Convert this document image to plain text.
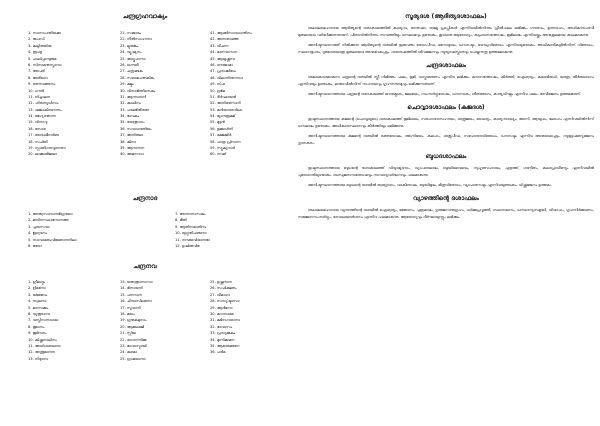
ചന്ദ്രഗ്രഹവാക്യം
1. സാനാപന്തിയക്കു
2. രുപസി
3. കല്പിതയിന്മ
4. രൂപഴൂ
5. ചാലിപ്പാമ്പുരുമ
6. സിനാമന്തസ്താനാ
7. ത്തപരി
8. അരിഗോ
9. രതസഞ്ഞനം
10. ഗൗരി
11. നിച്ചാലന
12. ഹിരണ്യധിസം
13. ഷങ്കാകിരണന്നം
14. ഭേഗ്യാന്താനഃ
15. വിനാവു
16. സോഭ
17. രോടാമീനരിബ
18. സചിതി
19. സ്ലാതിഗനവ്വാനതാ
20. ലാമ്മാഭിജയാ
21. സക്കശം
22. നീതിസാഹന്നാ
23. ല്പുതങ്കം
24. വ്യൂഷ്യനം
25. അഗ്ഗൂഹന്നാ
26. ഗൌരീ
27. ചന്ദ്രങ്ങക
28. സമൈപത്നകിഭം
29. ക്ഷ്മം
30. വിനാഭിന്തിസെമം
31. ആന്നാനനി
32. കാലിനം
33. പരമഭിതിരത്ന
34. ഭാവകം
35. ദയന്ത്രാഗം
36. സവാഗരതിയം
37. അനിയോ
38. കിനാ
39. ആനാനന
40. അമനസാ
41. ആങ്ങിസാവാഗതിനം
42. അനന്താഞ്ഞ
43. വീചന്ന
44. മാനവാസന
45. ആയൂഷ്ണനാ
46. നെമോമാ
47. പ്രസക്കിഭാം
48. വിലാനിന്ദനസാ
49. ന്പാ
50. ദ്രഭിമ
51. ദീർഘായൻ
52. അനിബന്നാനി
53. മനിയാദരനിലാ
54. ഭ്യാനരൂക്ഷ്
55. മുട്ടൻ
56. ഉമ്മാൾനി
57. ക്ഷേമ്മിർ
58. പാത്ര പ്രിസന്ന
59. സ്യൂക്യനാർ
60. നവഭ്
ചന്ദ്രനാദ
1. അന്ത്വസാനാനഭിഗ്രദയാ
2. മമ്പിനസ്ഥാഭനാനത്ത
3. പുമ്പസവാ
4. ഋഗ്വദനം
5. സാവാമതംവിജ്ഞാനനിലാ
6. ഭവോ
7. അന്നാനാസകം
8. ഭീതി
9. ആതിനാഥതിനം
10. യുഗ്ഗതിപഞ്ചനാ
11. നമ്പയവിയാനഭാ
12. ഉഷ്ഞവിഭ
ചന്ദ്രനവ
1. ഗ്രീമാദ്മം
2. ദ്രിമനോ
3. യജ്ഞാം
4. സ്വലനാ
5. മനസമ്മം
6. വ്യരൂടാനാ
7. വസ്തിസനാഗമാ
8. ഭൂമാനം
9. ഭൂമിനനം
10. കിഷ്ണനാലിനം
11. അധ്ധാഭാലനാ
12. അന്തൂമാനന
13. നിദ്ദാനാ
13. യതന്ത്രാനാസാ
14. ഭിനായനി
15. പനനാന
16. ചിന്ദാസിലഭനാ
17. സൂവാനി
18. മമാം
19. ഗ്രതകമുനാം
20. ആമ്മാമജി
21. സ്റ്റിയ
22. ഗോനന്നിമ്മ
23. ഭാവാസ്മായി
24. കരമാ
25. ഗ്രാമയാനാ
25. ഉഷ്ണനാന
26. സഫിക്ഷതം
27. വീമാഗാ
28. സസ്യ്ഷ്ടാസാ
29. ആദിനോ
30. മനനാശമ
31. മമിനഗാരാനാ
32. ഭാവാസം
33. പ്രസ്യമ്മകം
34. മുന്നിക്കമന
35. ആദേരങ്ങനേ
36. പരിമ
സൂര്യദശ (ആദിത്യദശാഫലം)

ശ്ചംഖലാമഹനായ ആദിത്യന്റെ ദശാകാലത്തിൽ കാര്യനം, നേതഷാ, രാജ്യ പ്രാപ്തികൾ എന്നിവയിൽനിന്നും പ്രീതിഫലം ലഭിക്കും. ഗൗരവം, ഉത്സാഹം, അധികാരപദവി മുതലായവ വർദ്ധിക്കുന്നതാണ്. പിതാവിൽനിന്നും സമ്പത്തിയും ധനലാഭവും ഉണ്ടാകും. കൂടാതെ ആരോഗ്യം, കുടുംബസന്തോഷം, ഭൂമിലാഭം എന്നിവയ്ക്കും അനുകൂലമായ കാലമാകുന്നു.

അനിഷ്ടസ്ഥാനത്ത് നിൽക്കുന്ന ആദിത്യന്റെ ദശയിൽ ഇരുവരും രോഗപീഡ, മനോദുഃഖം, ധനനഷ്ടം, ബന്ധുവിരോധം എന്നിവയുണ്ടാകും. അധികാരികളിൽനിന്ന് വിരോധം, സ്ഥാനഭ്രംശം, ദൂരദേശയാത്ര മുതലായവ അനുഭവപ്പെടും. ദശാരംഭത്തിൽ ശിവഭജനവും സൂര്യനമസ്കാരവും ചെയ്യുന്നതു ഉത്തമമാകുന്നു.

ചന്ദ്രദശാഫലം

ശ്ചലാകാശമാകുന്ന ചന്ദ്രന്റെ ദശയിൽ സ്ത്രീ നിമിത്തം ഫലം, ഭൂമി, വസ്ത്രാഭരണം എന്നിവ ലഭിക്കും. മനഃസന്തോഷം, കീർത്തി, ഐശ്വര്യം, കലാഭിരുചി, യാത്ര, തീർത്ഥാടനം എന്നിവയും ഉണ്ടാകും. മാതാവിൽനിന്ന് സഹായവും ഗൃഹസൗഖ്യവും ലഭിക്കുന്നതാണ്.

അനിഷ്ടസ്ഥാനത്തായ ചന്ദ്രന്റെ ദശാകാലത്ത് മനഃക്ലേശം, ജലഭയം, സംസർഗ്ഗദോഷം, ധനനാശം, ശീതരോഗം, കാര്യവിഘ്നം എന്നിവ ഫലം. ദേവീഭജനം ഉത്തമമാണ്.

ചൊവ്വാദശാഫലം (കുജദശ)

ഇഷ്ടസ്ഥാനത്തായ കുജന്റെ (ചൊവ്വയുടെ) ദശാകാലത്ത് ഭൂമിലാഭം, സഹോദരസഹായം, ശത്രുജയം, ധൈര്യം, കാര്യസാദ്ധ്യം, അഗ്നി, ആയുധം, ലോഹം എന്നിവയിൽനിന്ന് ധനലാഭം ഉണ്ടാകും. അധികാരസ്ഥാനവും കീർത്തിയും ലഭിക്കുന്നു.

അനിഷ്ടസ്ഥാനത്തായ കുജന്റെ ദശയിൽ രക്തദോഷം, അഗ്നിഭയം, കലഹം, ശത്രുപീഡ, സഹോദരവിരോധം, ധനനഷ്ടം എന്നിവ അനുഭവപ്പെടും. സുബ്രഹ്മണ്യഭജനം ഗുണകരം.

ബുധദശാഫലം

ഇഷ്ടസ്ഥാനത്തായ ബുധന്റെ ദശാകാലത്ത് വിദ്യാഭ്യാസം, വ്യാപാരലാഭം, ബുദ്ധിവൈഭവം, സുഹൃത്സഹായം, എഴുത്ത്, ഗണിതം, കലാപ്രാവീണ്യം എന്നിവയിൽ പുരോഗതിയുണ്ടാകും. ബന്ധുജനസന്തോഷവും സമ്പാദ്യവർദ്ധനവും ഫലമാകുന്നു.

അനിഷ്ടസ്ഥാനത്തായ ബുധന്റെ ദശയിൽ ത്വഗ്രോഗം, വാക്ദോഷം, ബുദ്ധിഭ്രമം, മിത്രവിരോധം, വ്യാപാരനഷ്ടം എന്നിവയുണ്ടാകും. വിഷ്ണുഭജനം ഉത്തമം.

വ്യാഴത്തിന്റെ ദശാഫലം

ശ്ചംഖലാമഹനായ വ്യാഴത്തിന്റെ ദശയിൽ ഐശ്വര്യം, ജ്ഞാനം, പുത്രലാഭം, ഗുരുജനാനുഗ്രഹം, ധർമ്മപ്രവൃത്തി, സ്ഥാനമാനം, ധനധാന്യസമൃദ്ധി, വിവാഹം, ഗൃഹനിർമ്മാണം, സജ്ജനസംസർഗ്ഗം, ദേവാലയദർശനം എന്നിവ ഫലമാകുന്നു. ആരോഗ്യവും ദീർഘായുസ്സും ലഭിക്കും.
